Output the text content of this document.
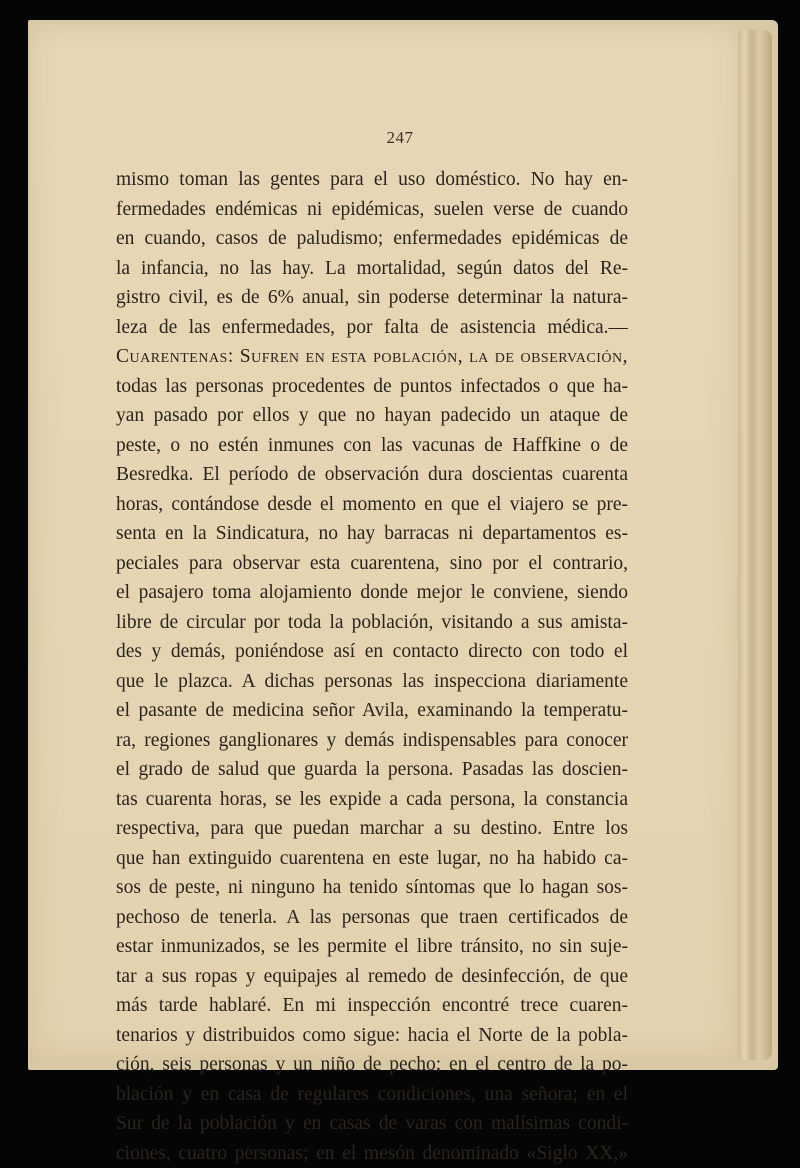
247
mismo toman las gentes para el uso doméstico. No hay en-
fermedades endémicas ni epidémicas, suelen verse de cuando
en cuando, casos de paludismo; enfermedades epidémicas de
la infancia, no las hay. La mortalidad, según datos del Re-
gistro civil, es de 6% anual, sin poderse determinar la natura-
leza de las enfermedades, por falta de asistencia médica.—
Cuarentenas: Sufren en esta población, la de observación,
todas las personas procedentes de puntos infectados o que ha-
yan pasado por ellos y que no hayan padecido un ataque de
peste, o no estén inmunes con las vacunas de Haffkine o de
Besredka. El período de observación dura doscientas cuarenta
horas, contándose desde el momento en que el viajero se pre-
senta en la Sindicatura, no hay barracas ni departamentos es-
peciales para observar esta cuarentena, sino por el contrario,
el pasajero toma alojamiento donde mejor le conviene, siendo
libre de circular por toda la población, visitando a sus amista-
des y demás, poniéndose así en contacto directo con todo el
que le plazca. A dichas personas las inspecciona diariamente
el pasante de medicina señor Avila, examinando la temperatu-
ra, regiones ganglionares y demás indispensables para conocer
el grado de salud que guarda la persona. Pasadas las doscien-
tas cuarenta horas, se les expide a cada persona, la constancia
respectiva, para que puedan marchar a su destino. Entre los
que han extinguido cuarentena en este lugar, no ha habido ca-
sos de peste, ni ninguno ha tenido síntomas que lo hagan sos-
pechoso de tenerla. A las personas que traen certificados de
estar inmunizados, se les permite el libre tránsito, no sin suje-
tar a sus ropas y equipajes al remedo de desinfección, de que
más tarde hablaré. En mi inspección encontré trece cuaren-
tenarios y distribuidos como sigue: hacia el Norte de la pobla-
ción, seis personas y un niño de pecho; en el centro de la po-
blación y en casa de regulares condiciones, una señora; en el
Sur de la población y en casas de varas con malísimas condi-
ciones, cuatro personas; en el mesón denominado «Siglo XX,»
